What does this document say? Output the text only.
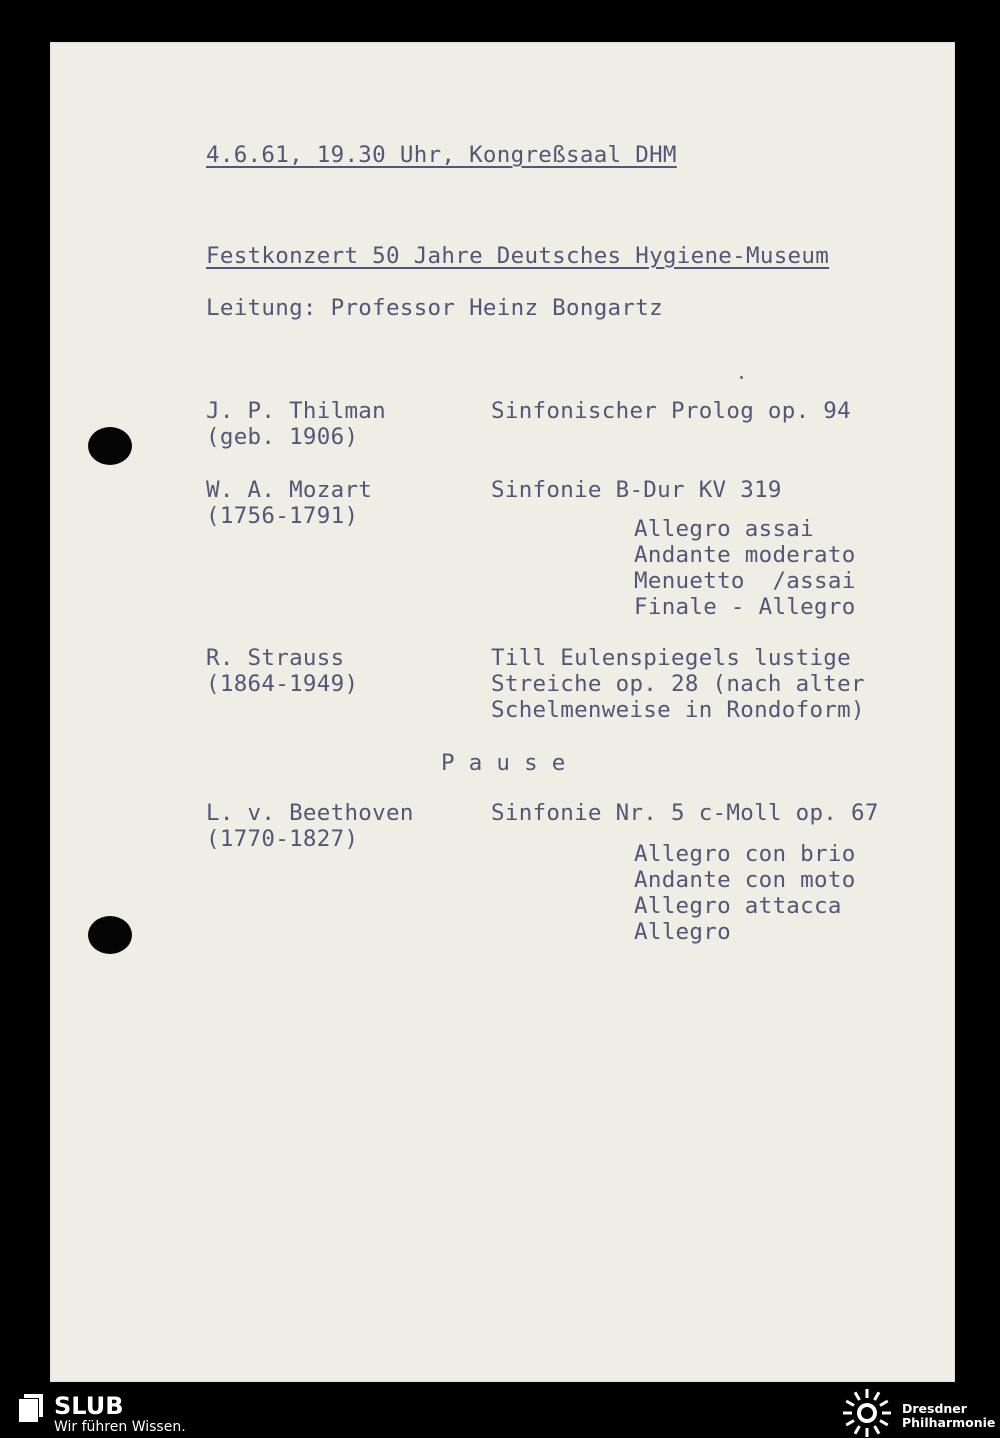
4.6.61, 19.30 Uhr, Kongreßsaal DHM
Festkonzert 50 Jahre Deutsches Hygiene-Museum
Leitung: Professor Heinz Bongartz
J. P. Thilman
(geb. 1906)
Sinfonischer Prolog op. 94
W. A. Mozart
(1756-1791)
Sinfonie B-Dur KV 319
Allegro assai
Andante moderato
Menuetto  /assai
Finale - Allegro
R. Strauss
(1864-1949)
Till Eulenspiegels lustige
Streiche op. 28 (nach alter
Schelmenweise in Rondoform)
P a u s e
L. v. Beethoven
(1770-1827)
Sinfonie Nr. 5 c-Moll op. 67
Allegro con brio
Andante con moto
Allegro attacca
Allegro
SLUB
Wir führen Wissen.
Dresdner
Philharmonie
